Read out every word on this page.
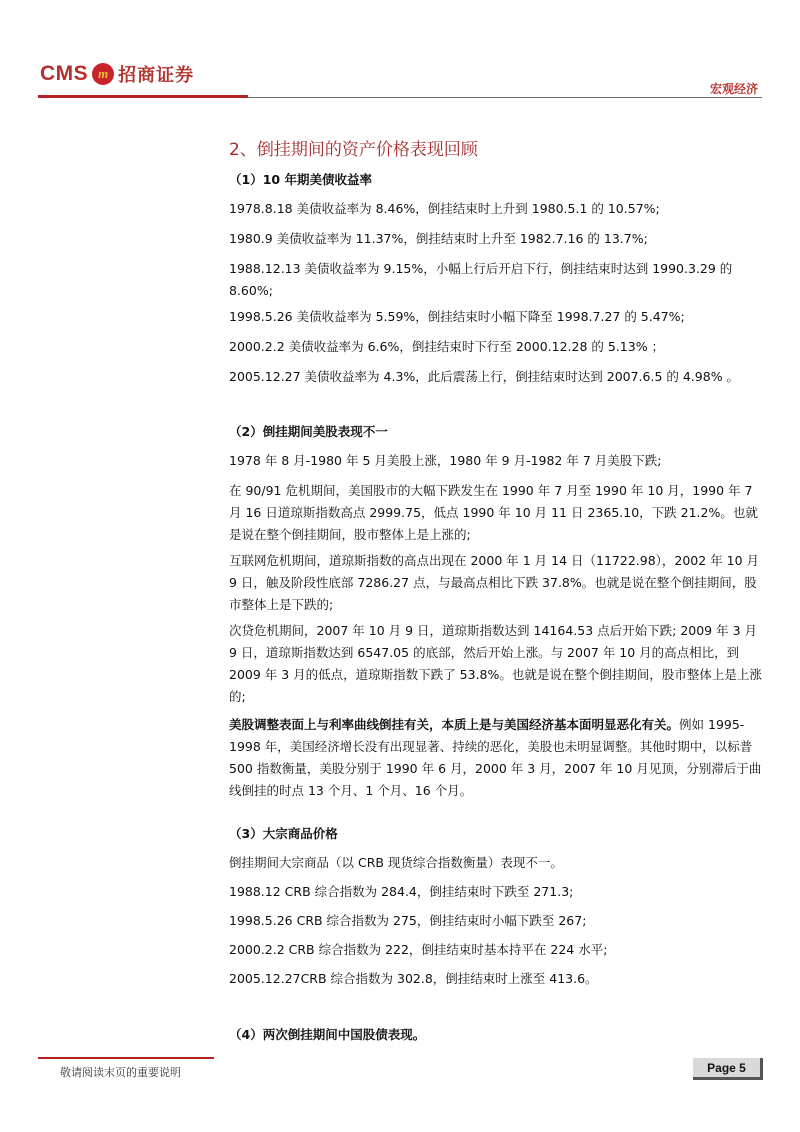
CMS m 招商证券
宏观经济
2、倒挂期间的资产价格表现回顾
（1）10 年期美债收益率
1978.8.18 美债收益率为 8.46%，倒挂结束时上升到 1980.5.1 的 10.57%;
1980.9 美债收益率为 11.37%，倒挂结束时上升至 1982.7.16 的 13.7%;
1988.12.13 美债收益率为 9.15%，小幅上行后开启下行，倒挂结束时达到 1990.3.29 的 8.60%;
1998.5.26 美债收益率为 5.59%，倒挂结束时小幅下降至 1998.7.27 的 5.47%;
2000.2.2 美债收益率为 6.6%，倒挂结束时下行至 2000.12.28 的 5.13% ；
2005.12.27 美债收益率为 4.3%，此后震荡上行，倒挂结束时达到 2007.6.5 的 4.98% 。
（2）倒挂期间美股表现不一
1978 年 8 月-1980 年 5 月美股上涨，1980 年 9 月-1982 年 7 月美股下跌;
在 90/91 危机期间，美国股市的大幅下跌发生在 1990 年 7 月至 1990 年 10 月，1990 年 7 月 16 日道琼斯指数高点 2999.75，低点 1990 年 10 月 11 日 2365.10，下跌 21.2%。也就是说在整个倒挂期间，股市整体上是上涨的;
互联网危机期间，道琼斯指数的高点出现在 2000 年 1 月 14 日（11722.98），2002 年 10 月 9 日，触及阶段性底部 7286.27 点，与最高点相比下跌 37.8%。也就是说在整个倒挂期间，股市整体上是下跌的;
次贷危机期间，2007 年 10 月 9 日，道琼斯指数达到 14164.53 点后开始下跌; 2009 年 3 月 9 日，道琼斯指数达到 6547.05 的底部，然后开始上涨。与 2007 年 10 月的高点相比，到 2009 年 3 月的低点，道琼斯指数下跌了 53.8%。也就是说在整个倒挂期间，股市整体上是上涨的;
美股调整表面上与利率曲线倒挂有关，本质上是与美国经济基本面明显恶化有关。例如 1995-1998 年，美国经济增长没有出现显著、持续的恶化，美股也未明显调整。其他时期中，以标普 500 指数衡量，美股分别于 1990 年 6 月，2000 年 3 月，2007 年 10 月见顶，分别滞后于曲线倒挂的时点 13 个月、1 个月、16 个月。
（3）大宗商品价格
倒挂期间大宗商品（以 CRB 现货综合指数衡量）表现不一。
1988.12 CRB 综合指数为 284.4，倒挂结束时下跌至 271.3;
1998.5.26 CRB 综合指数为 275，倒挂结束时小幅下跌至 267;
2000.2.2 CRB 综合指数为 222，倒挂结束时基本持平在 224 水平;
2005.12.27CRB 综合指数为 302.8，倒挂结束时上涨至 413.6。
（4）两次倒挂期间中国股债表现。
敬请阅读末页的重要说明	Page 5
